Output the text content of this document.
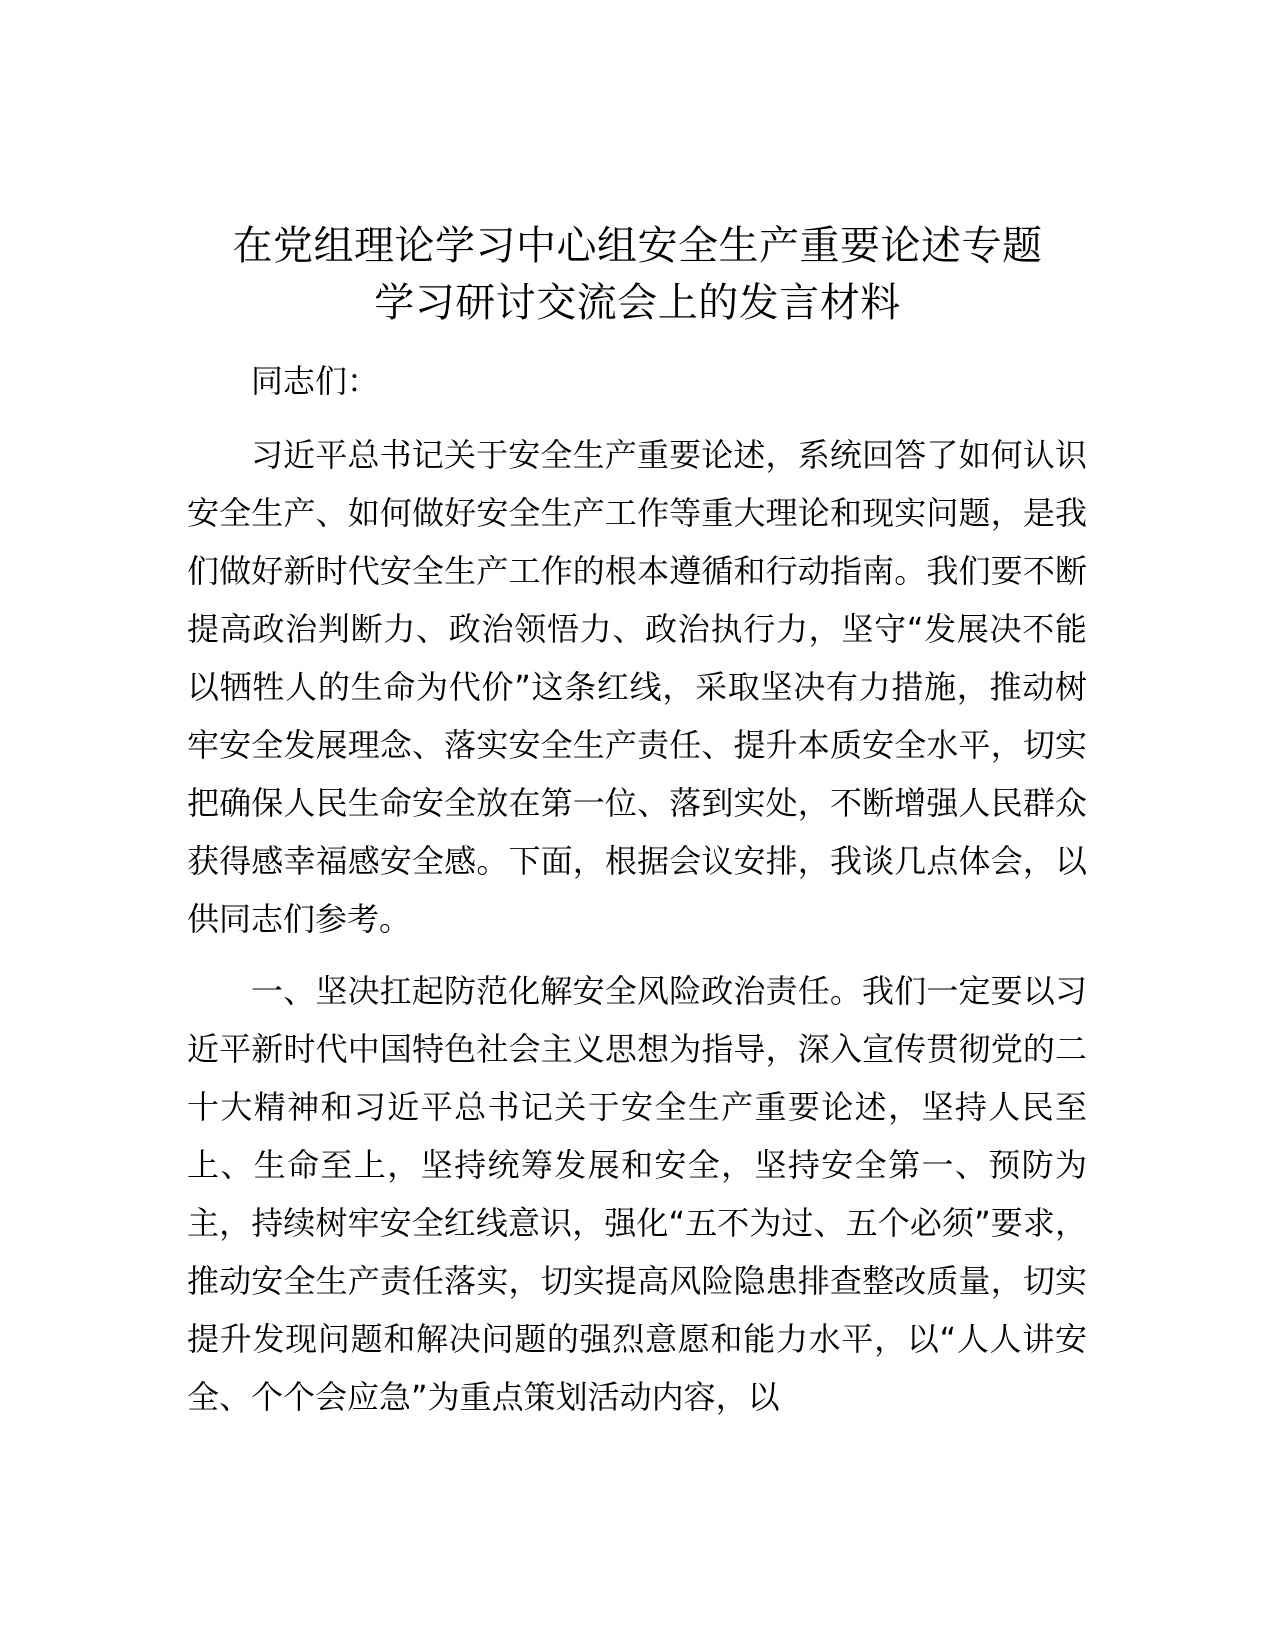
在党组理论学习中心组安全生产重要论述专题
学习研讨交流会上的发言材料

同志们：

习近平总书记关于安全生产重要论述，系统回答了如何认识安全生产、如何做好安全生产工作等重大理论和现实问题，是我们做好新时代安全生产工作的根本遵循和行动指南。我们要不断提高政治判断力、政治领悟力、政治执行力，坚守“发展决不能以牺牲人的生命为代价”这条红线，采取坚决有力措施，推动树牢安全发展理念、落实安全生产责任、提升本质安全水平，切实把确保人民生命安全放在第一位、落到实处，不断增强人民群众获得感幸福感安全感。下面，根据会议安排，我谈几点体会，以供同志们参考。

一、坚决扛起防范化解安全风险政治责任。我们一定要以习近平新时代中国特色社会主义思想为指导，深入宣传贯彻党的二十大精神和习近平总书记关于安全生产重要论述，坚持人民至上、生命至上，坚持统筹发展和安全，坚持安全第一、预防为主，持续树牢安全红线意识，强化“五不为过、五个必须”要求，推动安全生产责任落实，切实提高风险隐患排查整改质量，切实提升发现问题和解决问题的强烈意愿和能力水平，以“人人讲安全、个个会应急”为重点策划活动内容，以
